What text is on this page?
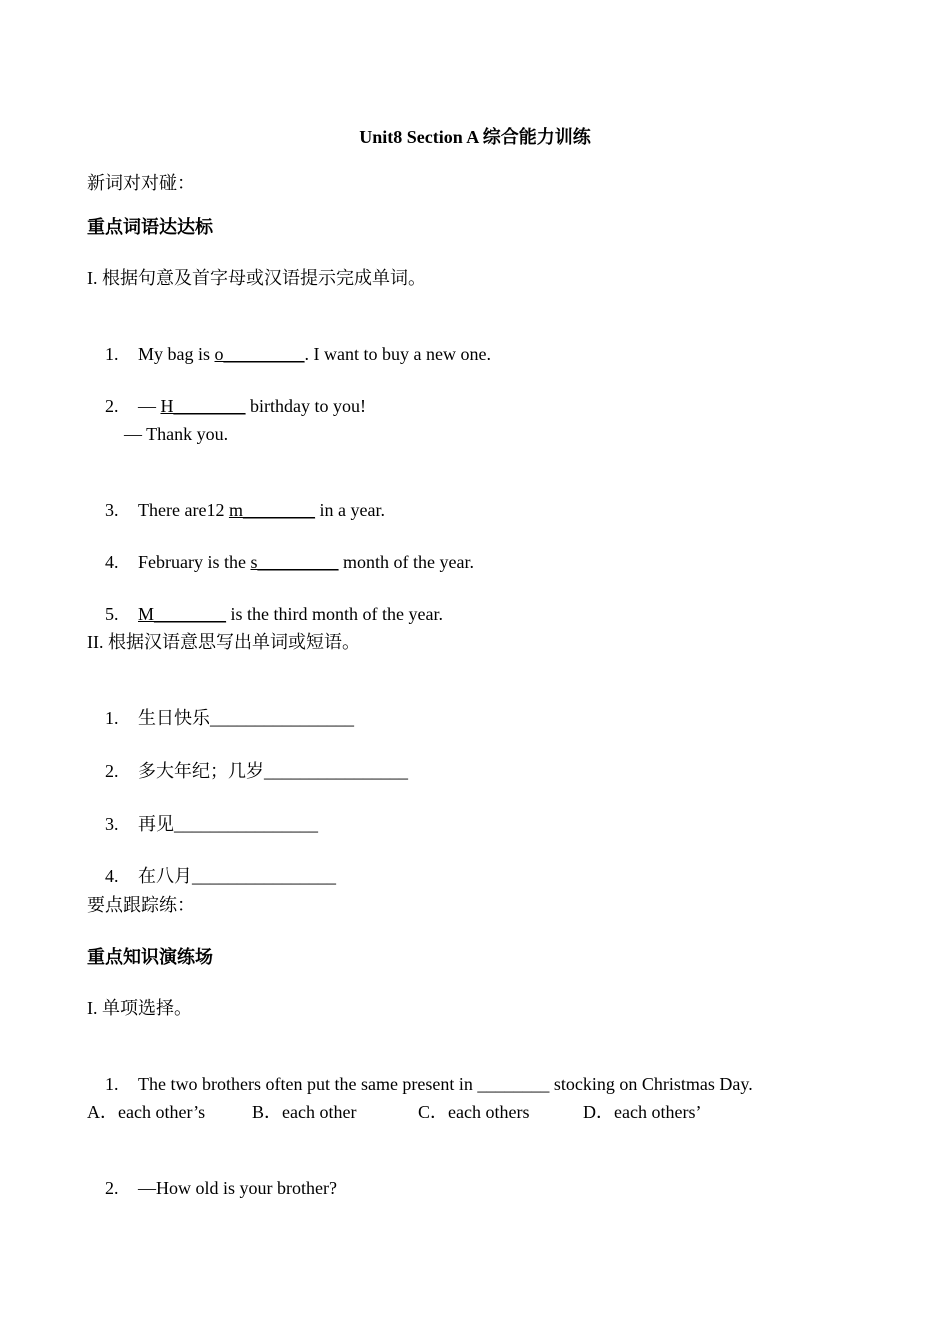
Unit8 Section A 综合能力训练
新词对对碰：
重点词语达达标
I. 根据句意及首字母或汉语提示完成单词。

1. My bag is o_________. I want to buy a new one.

2. — H________ birthday to you!

— Thank you.

3. There are12 m________ in a year.

4. February is the s_________ month of the year.

5. M________ is the third month of the year.

II. 根据汉语意思写出单词或短语。

1. 生日快乐________________

2. 多大年纪；几岁________________

3. 再见________________

4. 在八月________________

要点跟踪练：
重点知识演练场
I. 单项选择。

1. The two brothers often put the same present in ________ stocking on Christmas Day.

A．each other’s	B．each other	C．each others	D．each others’

2. —How old is your brother?
